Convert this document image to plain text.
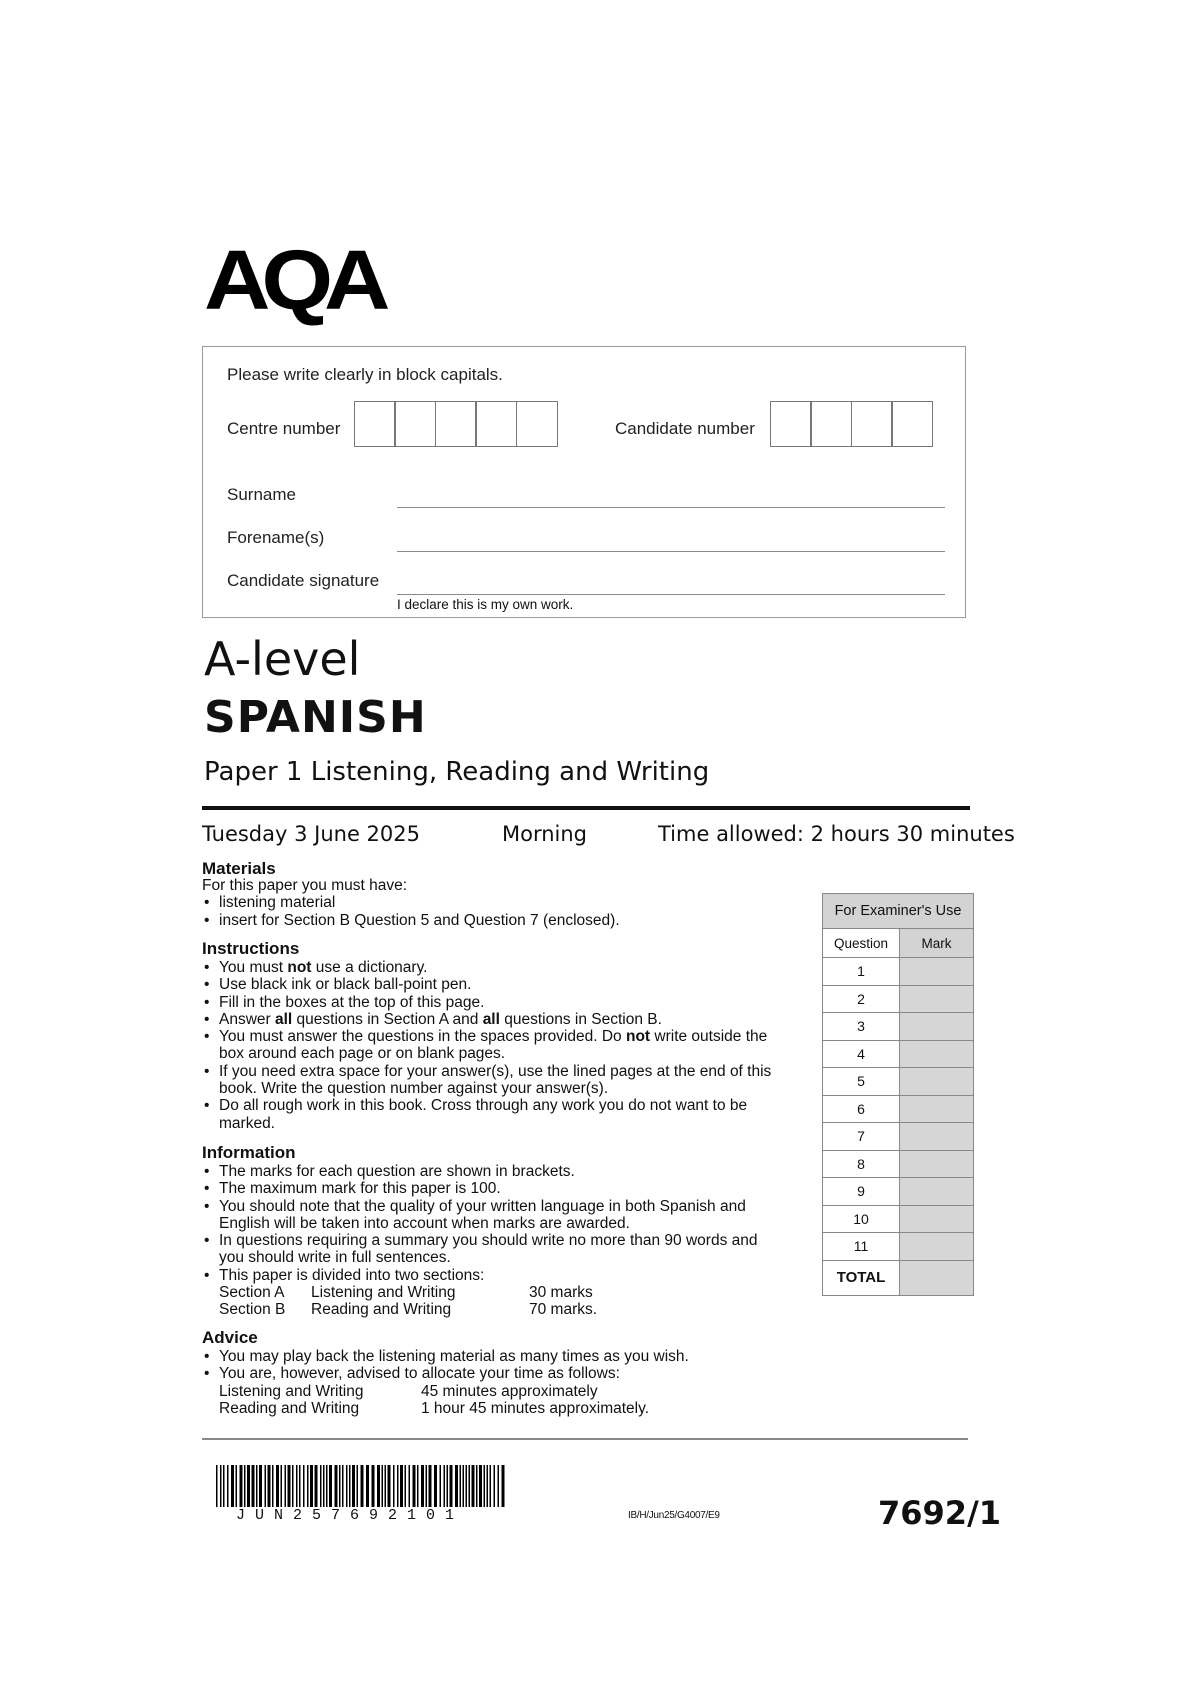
AQA
Please write clearly in block capitals.
Centre number	Candidate number
Surname
Forename(s)
Candidate signature
I declare this is my own work.
A-level
SPANISH
Paper 1 Listening, Reading and Writing
Tuesday 3 June 2025	Morning	Time allowed: 2 hours 30 minutes
Materials
For this paper you must have:
• listening material
• insert for Section B Question 5 and Question 7 (enclosed).
Instructions
• You must not use a dictionary.
• Use black ink or black ball-point pen.
• Fill in the boxes at the top of this page.
• Answer all questions in Section A and all questions in Section B.
• You must answer the questions in the spaces provided. Do not write outside the box around each page or on blank pages.
• If you need extra space for your answer(s), use the lined pages at the end of this book. Write the question number against your answer(s).
• Do all rough work in this book. Cross through any work you do not want to be marked.
Information
• The marks for each question are shown in brackets.
• The maximum mark for this paper is 100.
• You should note that the quality of your written language in both Spanish and English will be taken into account when marks are awarded.
• In questions requiring a summary you should write no more than 90 words and you should write in full sentences.
• This paper is divided into two sections:
Section A Listening and Writing	30 marks
Section B Reading and Writing	70 marks.
Advice
• You may play back the listening material as many times as you wish.
• You are, however, advised to allocate your time as follows:
Listening and Writing	45 minutes approximately
Reading and Writing	1 hour 45 minutes approximately.
For Examiner's Use	
Question	Mark
1	
2	
3	
4	
5	
6	
7	
8	
9	
10	
11	
TOTAL	
JUN257692101	IB/H/Jun25/G4007/E9	7692/1
